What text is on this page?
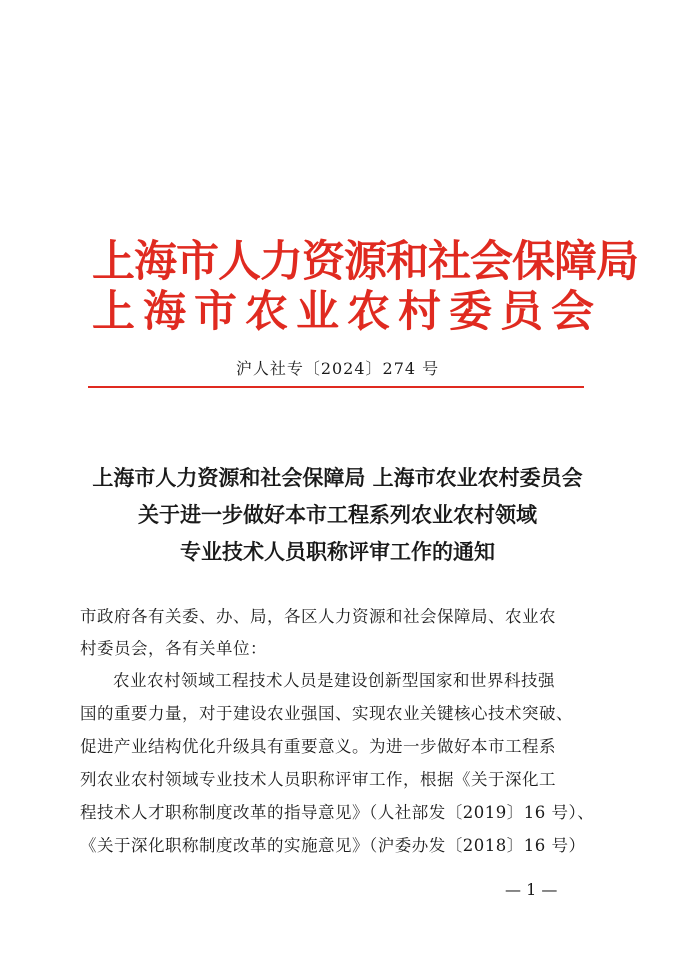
上海市人力资源和社会保障局
上海市农业农村委员会
沪人社专〔2024〕274 号
上海市人力资源和社会保障局 上海市农业农村委员会
关于进一步做好本市工程系列农业农村领域
专业技术人员职称评审工作的通知
市政府各有关委、办、局，各区人力资源和社会保障局、农业农
村委员会，各有关单位：
农业农村领域工程技术人员是建设创新型国家和世界科技强
国的重要力量，对于建设农业强国、实现农业关键核心技术突破、
促进产业结构优化升级具有重要意义。为进一步做好本市工程系
列农业农村领域专业技术人员职称评审工作，根据《关于深化工
程技术人才职称制度改革的指导意见》（人社部发〔2019〕16 号）、
《关于深化职称制度改革的实施意见》（沪委办发〔2018〕16 号）
— 1 —
